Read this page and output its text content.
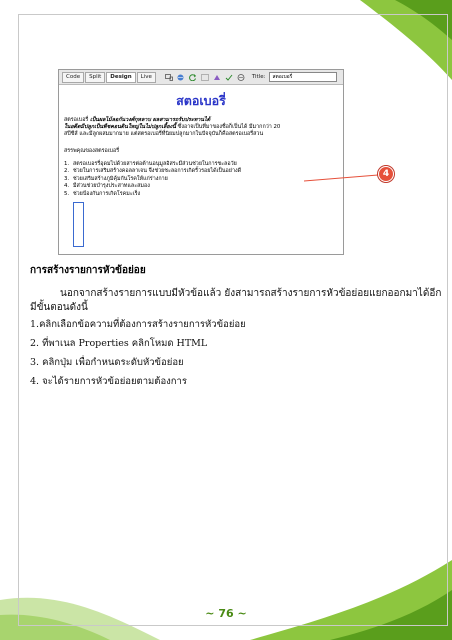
Code	Split	Design	Live	Title:	สตอเบอรี่
สตอเบอรี่

สตรอเบอรี่ เป็นผลไม้ลอกันวงศ์กุหลาบ ผลสามารถรับประทานได้

ในอดีตมีปลูกเป็นพืชคอนดินใหญ่ในไม่ปลูกเลี้ยงนี้ ซึ่งอาจเป็นที่มาของชื่อก็เป็นได้ มีมากกว่า 20

สปีชีส์ และมีลูกผสมมากมาย แต่สตรอเบอรี่ที่นิยมปลูกมากในปัจจุบันก็คือสตรอเบอรี่สวน

สรรพคุณของสตรอเบอรี่
1. สตรอเบอรรี่อุดมไปด้วยสารต่อต้านอนุมูลอิสระมีส่วนช่วยในการชะลอวัย
2. ช่วยในการเสริมสร้างคอลลาเจน จึงช่วยชะลอการเกิดริ้วรอยได้เป็นอย่างดี
3. ช่วยเสริมสร้างภูมิคุ้มกันโรคให้แก่ร่างกาย
4. มีส่วนช่วยบำรุงประสาทและสมอง
5. ช่วยป้องกันการเกิดโรคมะเร็ง
4
การสร้างรายการหัวข้อย่อย
นอกจากสร้างรายการแบบมีหัวข้อแล้ว ยังสามารถสร้างรายการหัวข้อย่อยแยกออกมาได้อีก
มีขั้นตอนดังนี้
1.คลิกเลือกข้อความที่ต้องการสร้างรายการหัวข้อย่อย
2. ที่พาเนล Properties คลิกโหมด HTML
3. คลิกปุ่ม เพื่อกำหนดระดับหัวข้อย่อย
4. จะได้รายการหัวข้อย่อยตามต้องการ
~ 76 ~
